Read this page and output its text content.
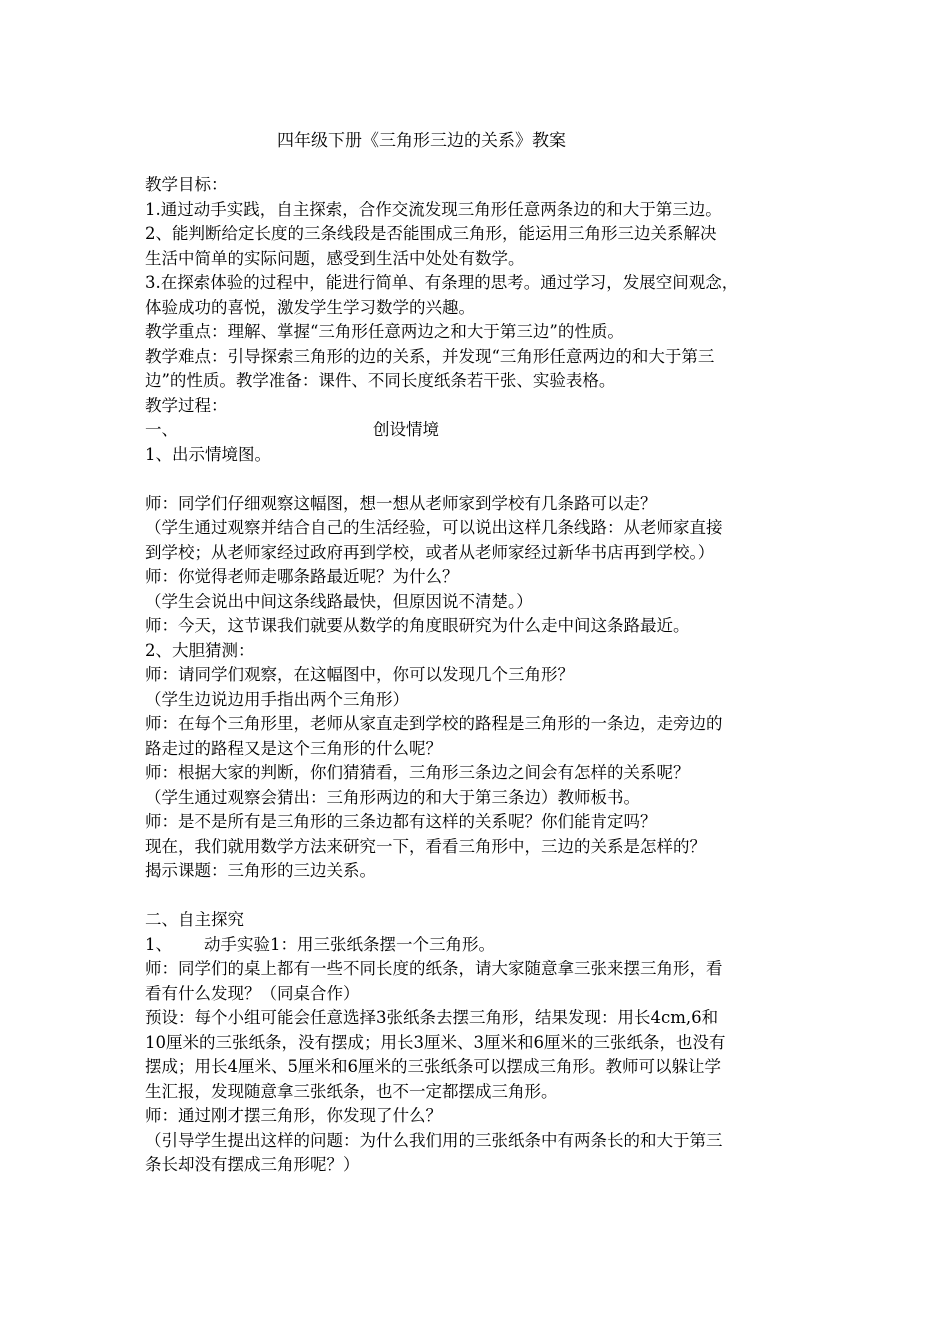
四年级下册《三角形三边的关系》教案
教学目标：
1.通过动手实践，自主探索，合作交流发现三角形任意两条边的和大于第三边。
2、能判断给定长度的三条线段是否能围成三角形，能运用三角形三边关系解决
生活中简单的实际问题，感受到生活中处处有数学。
3.在探索体验的过程中，能进行简单、有条理的思考。通过学习，发展空间观念，
体验成功的喜悦，激发学生学习数学的兴趣。
教学重点：理解、掌握“三角形任意两边之和大于第三边”的性质。
教学难点：引导探索三角形的边的关系，并发现“三角形任意两边的和大于第三
边”的性质。教学准备：课件、不同长度纸条若干张、实验表格。
教学过程：
一、	创设情境
1、出示情境图。
师：同学们仔细观察这幅图，想一想从老师家到学校有几条路可以走？
（学生通过观察并结合自己的生活经验，可以说出这样几条线路：从老师家直接
到学校；从老师家经过政府再到学校，或者从老师家经过新华书店再到学校。）
师：你觉得老师走哪条路最近呢？为什么？
（学生会说出中间这条线路最快，但原因说不清楚。）
师：今天，这节课我们就要从数学的角度眼研究为什么走中间这条路最近。
2、大胆猜测：
师：请同学们观察，在这幅图中，你可以发现几个三角形？
（学生边说边用手指出两个三角形）
师：在每个三角形里，老师从家直走到学校的路程是三角形的一条边，走旁边的
路走过的路程又是这个三角形的什么呢？
师：根据大家的判断，你们猜猜看，三角形三条边之间会有怎样的关系呢？
（学生通过观察会猜出：三角形两边的和大于第三条边）教师板书。
师：是不是所有是三角形的三条边都有这样的关系呢？你们能肯定吗？
现在，我们就用数学方法来研究一下，看看三角形中，三边的关系是怎样的？
揭示课题：三角形的三边关系。
二、自主探究
1、 动手实验1：用三张纸条摆一个三角形。
师：同学们的桌上都有一些不同长度的纸条，请大家随意拿三张来摆三角形，看
看有什么发现？（同桌合作）
预设：每个小组可能会任意选择3张纸条去摆三角形，结果发现：用长4cm,6和
10厘米的三张纸条，没有摆成；用长3厘米、3厘米和6厘米的三张纸条，也没有
摆成；用长4厘米、5厘米和6厘米的三张纸条可以摆成三角形。教师可以躲让学
生汇报，发现随意拿三张纸条，也不一定都摆成三角形。
师：通过刚才摆三角形，你发现了什么？
（引导学生提出这样的问题：为什么我们用的三张纸条中有两条长的和大于第三
条长却没有摆成三角形呢？）
